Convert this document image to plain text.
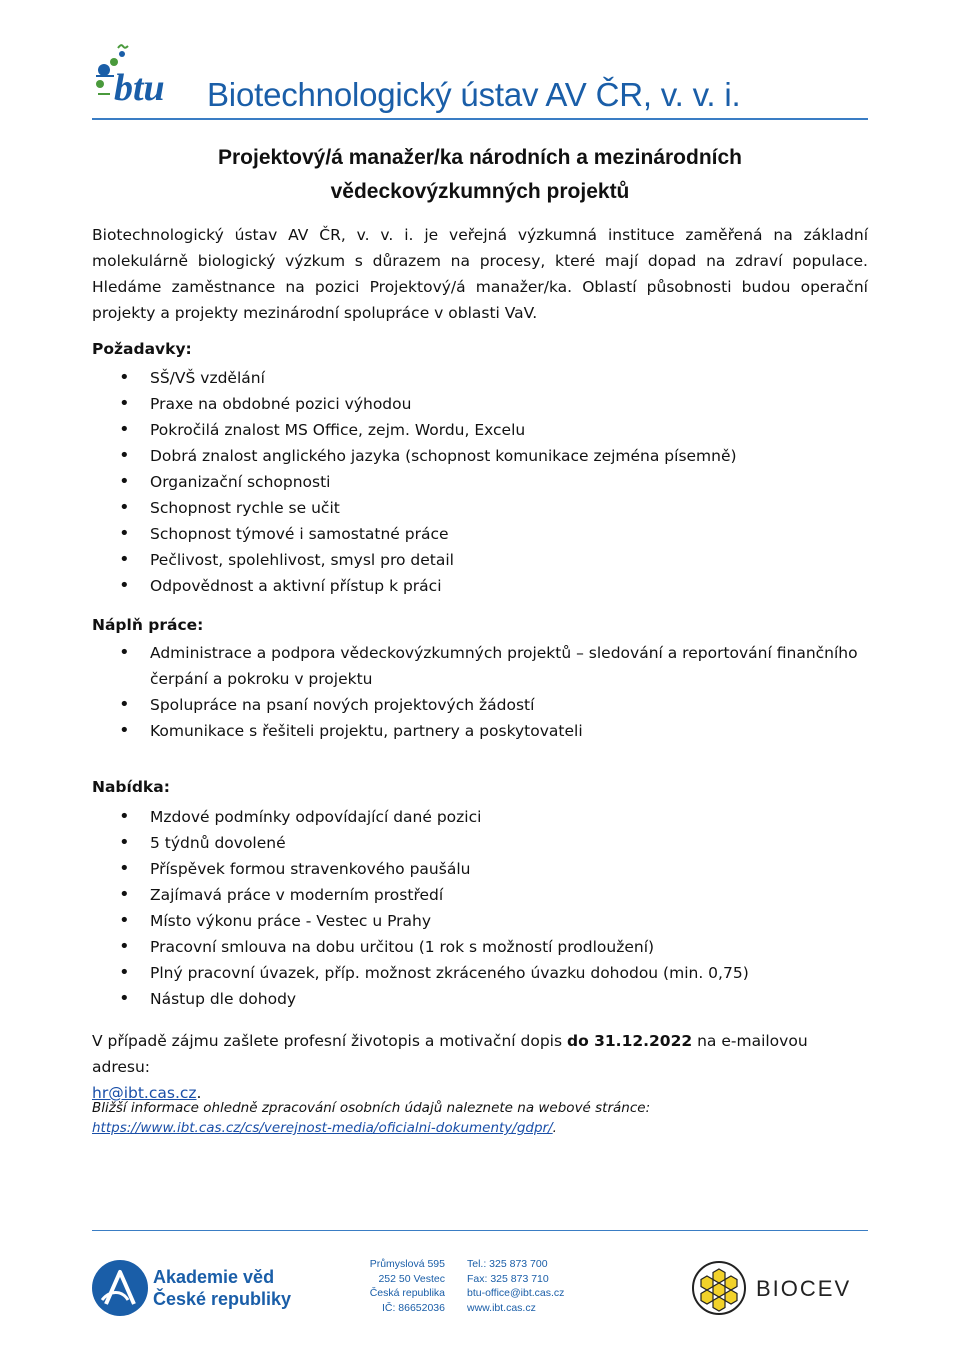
btu Biotechnologický ústav AV ČR, v. v. i.
Projektový/á manažer/ka národních a mezinárodních
vědeckovýzkumných projektů
Biotechnologický ústav AV ČR, v. v. i. je veřejná výzkumná instituce zaměřená na základní molekulárně biologický výzkum s důrazem na procesy, které mají dopad na zdraví populace. Hledáme zaměstnance na pozici Projektový/á manažer/ka. Oblastí působnosti budou operační projekty a projekty mezinárodní spolupráce v oblasti VaV.
Požadavky:
• SŠ/VŠ vzdělání
• Praxe na obdobné pozici výhodou
• Pokročilá znalost MS Office, zejm. Wordu, Excelu
• Dobrá znalost anglického jazyka (schopnost komunikace zejména písemně)
• Organizační schopnosti
• Schopnost rychle se učit
• Schopnost týmové i samostatné práce
• Pečlivost, spolehlivost, smysl pro detail
• Odpovědnost a aktivní přístup k práci
Náplň práce:
• Administrace a podpora vědeckovýzkumných projektů – sledování a reportování finančního čerpání a pokroku v projektu
• Spolupráce na psaní nových projektových žádostí
• Komunikace s řešiteli projektu, partnery a poskytovateli
Nabídka:
• Mzdové podmínky odpovídající dané pozici
• 5 týdnů dovolené
• Příspěvek formou stravenkového paušálu
• Zajímavá práce v moderním prostředí
• Místo výkonu práce - Vestec u Prahy
• Pracovní smlouva na dobu určitou (1 rok s možností prodloužení)
• Plný pracovní úvazek, příp. možnost zkráceného úvazku dohodou (min. 0,75)
• Nástup dle dohody
V případě zájmu zašlete profesní životopis a motivační dopis do 31.12.2022 na e-mailovou adresu:
hr@ibt.cas.cz.
Bližší informace ohledně zpracování osobních údajů naleznete na webové stránce:
https://www.ibt.cas.cz/cs/verejnost-media/oficialni-dokumenty/gdpr/.
Akademie věd
České republiky
Průmyslová 595
252 50 Vestec
Česká republika
IČ: 86652036
Tel.: 325 873 700
Fax: 325 873 710
btu-office@ibt.cas.cz
www.ibt.cas.cz
BIOCEV
